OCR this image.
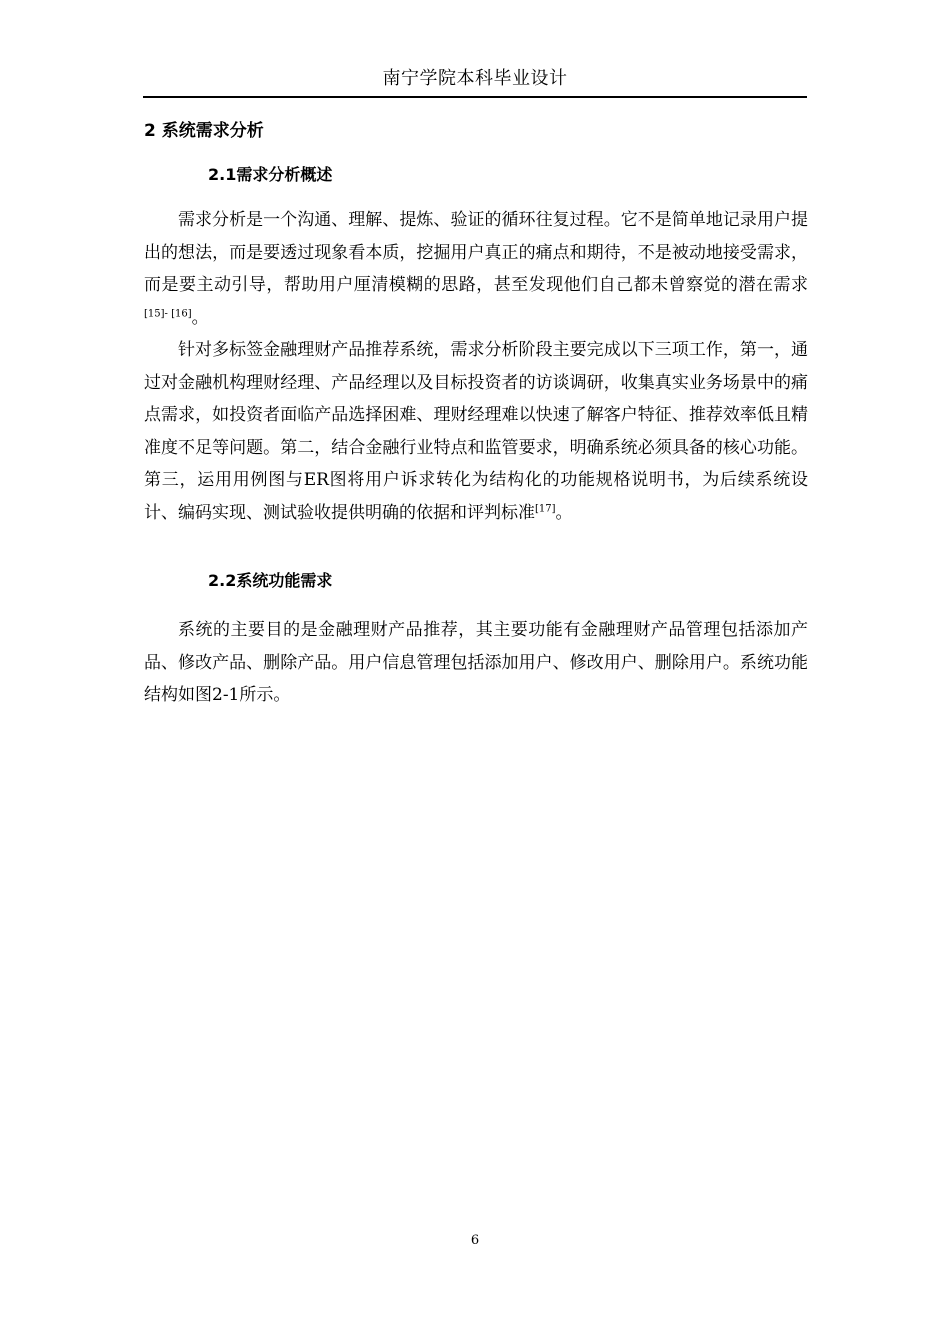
南宁学院本科毕业设计
2 系统需求分析
2.1需求分析概述

需求分析是一个沟通、理解、提炼、验证的循环往复过程。它不是简单地记录用户提出的想法，而是要透过现象看本质，挖掘用户真正的痛点和期待，不是被动地接受需求，而是要主动引导，帮助用户厘清模糊的思路，甚至发现他们自己都未曾察觉的潜在需求[15]- [16]。

针对多标签金融理财产品推荐系统，需求分析阶段主要完成以下三项工作，第一，通过对金融机构理财经理、产品经理以及目标投资者的访谈调研，收集真实业务场景中的痛点需求，如投资者面临产品选择困难、理财经理难以快速了解客户特征、推荐效率低且精准度不足等问题。第二，结合金融行业特点和监管要求，明确系统必须具备的核心功能。第三，运用用例图与ER图将用户诉求转化为结构化的功能规格说明书，为后续系统设计、编码实现、测试验收提供明确的依据和评判标准[17]。

2.2系统功能需求

系统的主要目的是金融理财产品推荐，其主要功能有金融理财产品管理包括添加产品、修改产品、删除产品。用户信息管理包括添加用户、修改用户、删除用户。系统功能结构如图2-1所示。

6
